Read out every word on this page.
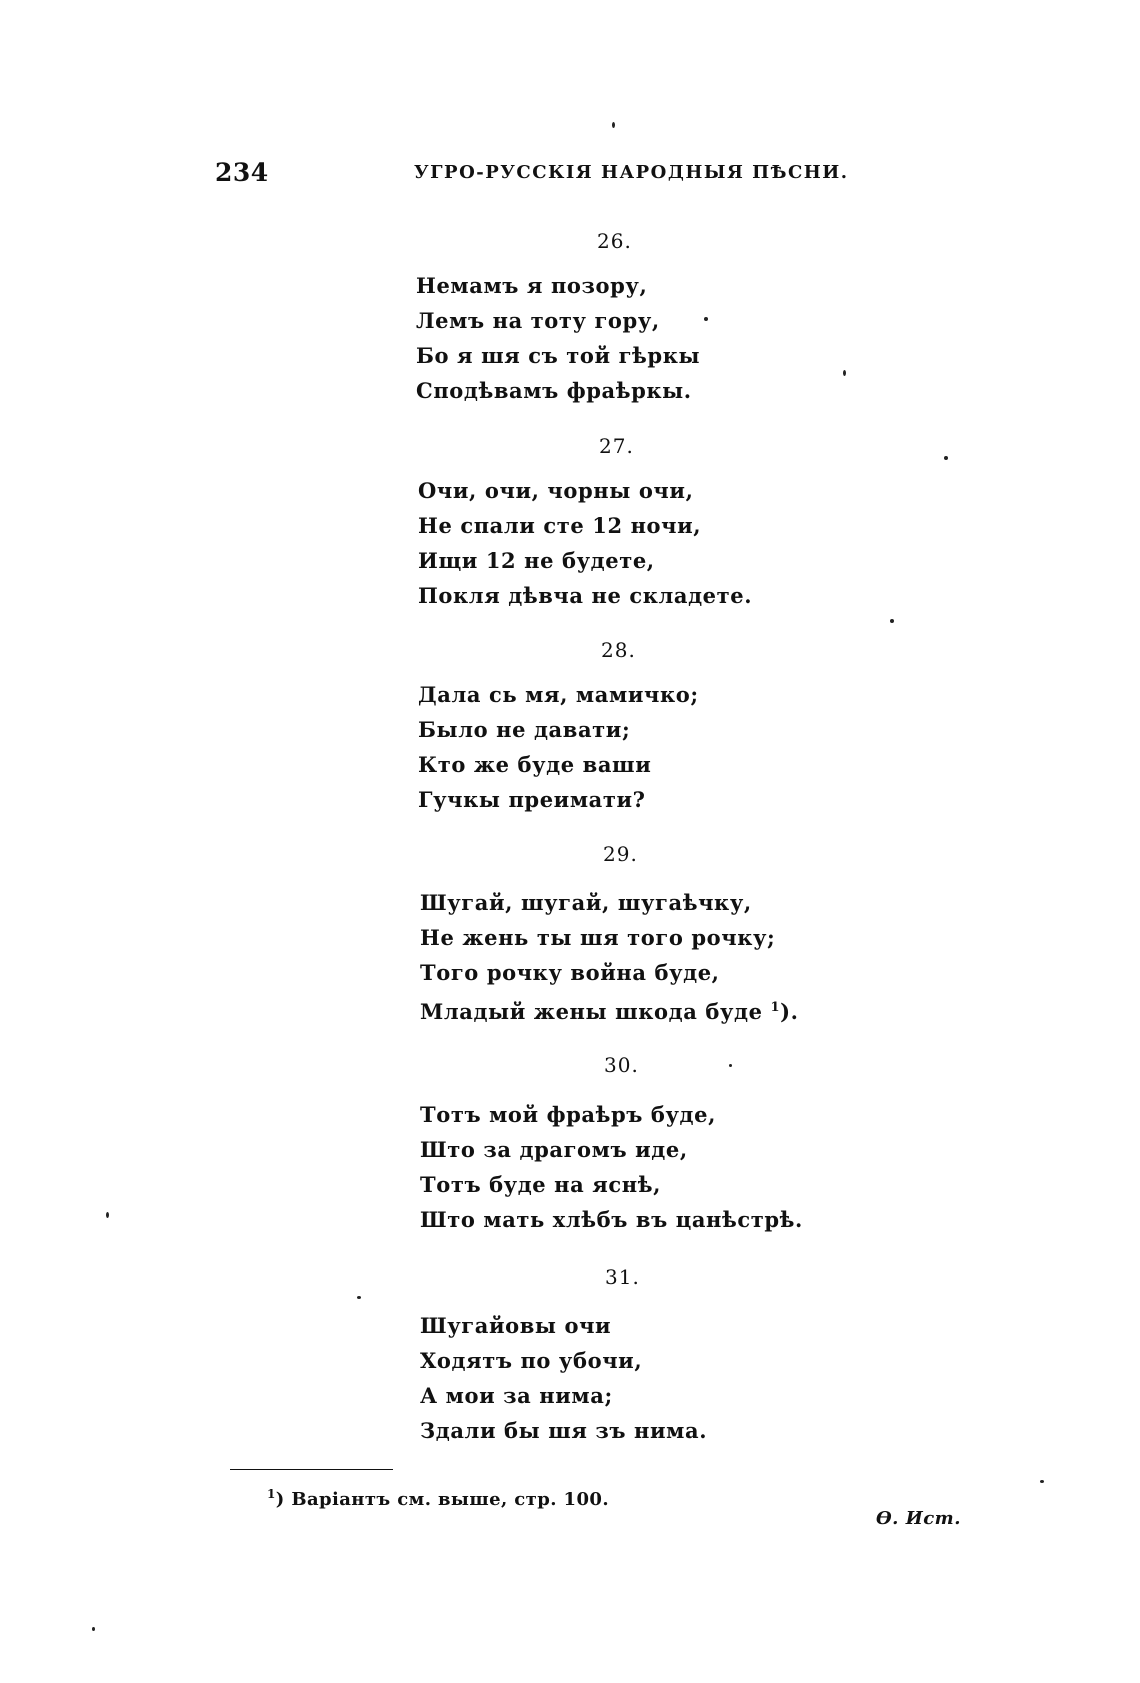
234	УГРО-РУССКІЯ НАРОДНЫЯ ПѢСНИ.
26.
Немамъ я позору,
Лемъ на тоту гору,
Бо я шя съ той гѣркы
Сподѣвамъ фраѣркы.
27.
Очи, очи, чорны очи,
Не спали сте 12 ночи,
Ищи 12 не будете,
Покля дѣвча не складете.
28.
Дала сь мя, мамичко;
Было не давати;
Кто же буде ваши
Гучкы преимати?
29.
Шугай, шугай, шугаѣчку,
Не жень ты шя того рочку;
Того рочку война буде,
Младый жены шкода буде $^1$).
30.
Тотъ мой фраѣръ буде,
Што за драгомъ иде,
Тотъ буде на яснѣ,
Што мать хлѣбъ въ цанѣстрѣ.
31.
Шугайовы очи
Ходятъ по убочи,
А мои за нима;
Здали бы шя зъ нима.
$^1$) Варіантъ см. выше, стр. 100.
Ѳ. Ист.
